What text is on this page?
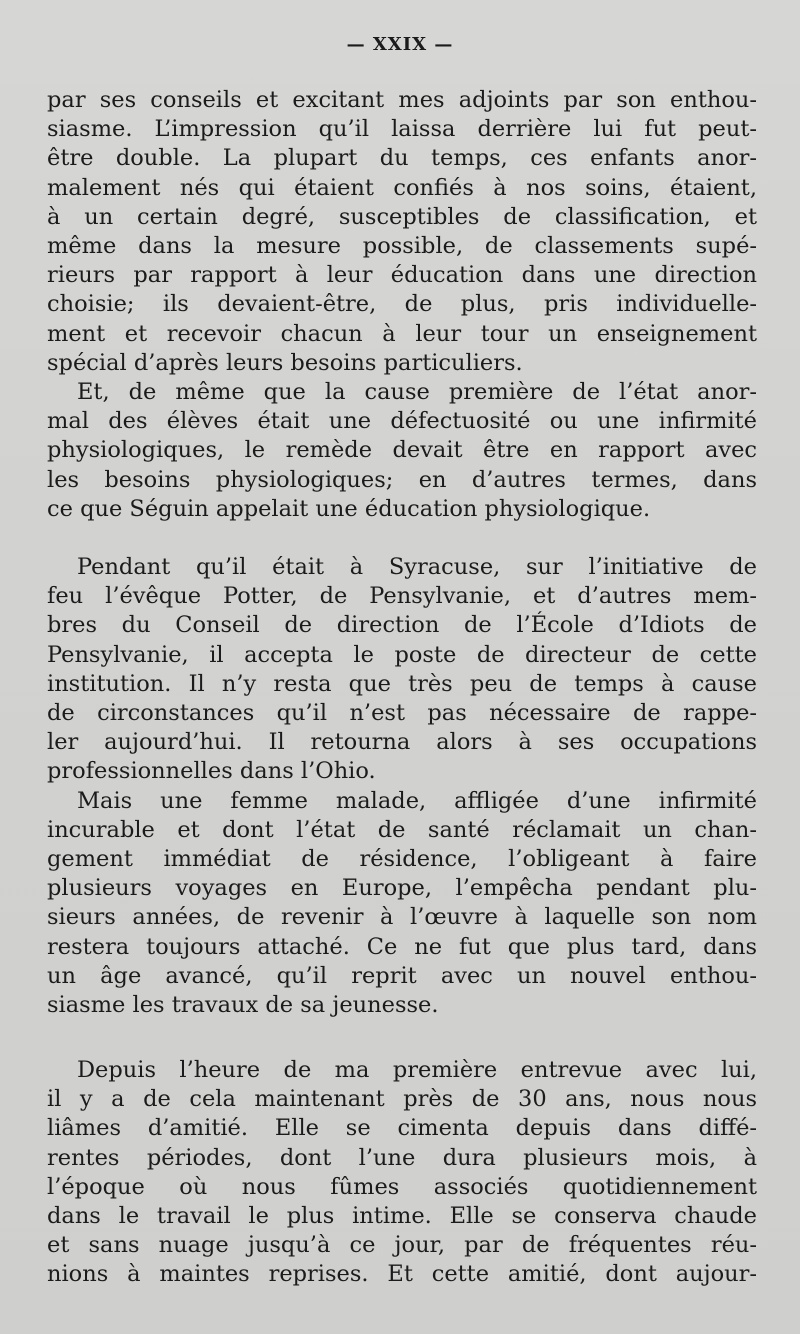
— XXIX —
par ses conseils et excitant mes adjoints par son enthou-
siasme. L’impression qu’il laissa derrière lui fut peut-
être double. La plupart du temps, ces enfants anor-
malement nés qui étaient confiés à nos soins, étaient,
à un certain degré, susceptibles de classification, et
même dans la mesure possible, de classements supé-
rieurs par rapport à leur éducation dans une direction
choisie; ils devaient-être, de plus, pris individuelle-
ment et recevoir chacun à leur tour un enseignement
spécial d’après leurs besoins particuliers.
Et, de même que la cause première de l’état anor-
mal des élèves était une défectuosité ou une infirmité
physiologiques, le remède devait être en rapport avec
les besoins physiologiques; en d’autres termes, dans
ce que Séguin appelait une éducation physiologique.
Pendant qu’il était à Syracuse, sur l’initiative de
feu l’évêque Potter, de Pensylvanie, et d’autres mem-
bres du Conseil de direction de l’École d’Idiots de
Pensylvanie, il accepta le poste de directeur de cette
institution. Il n’y resta que très peu de temps à cause
de circonstances qu’il n’est pas nécessaire de rappe-
ler aujourd’hui. Il retourna alors à ses occupations
professionnelles dans l’Ohio.
Mais une femme malade, affligée d’une infirmité
incurable et dont l’état de santé réclamait un chan-
gement immédiat de résidence, l’obligeant à faire
plusieurs voyages en Europe, l’empêcha pendant plu-
sieurs années, de revenir à l’œuvre à laquelle son nom
restera toujours attaché. Ce ne fut que plus tard, dans
un âge avancé, qu’il reprit avec un nouvel enthou-
siasme les travaux de sa jeunesse.
Depuis l’heure de ma première entrevue avec lui,
il y a de cela maintenant près de 30 ans, nous nous
liâmes d’amitié. Elle se cimenta depuis dans diffé-
rentes périodes, dont l’une dura plusieurs mois, à
l’époque où nous fûmes associés quotidiennement
dans le travail le plus intime. Elle se conserva chaude
et sans nuage jusqu’à ce jour, par de fréquentes réu-
nions à maintes reprises. Et cette amitié, dont aujour-
